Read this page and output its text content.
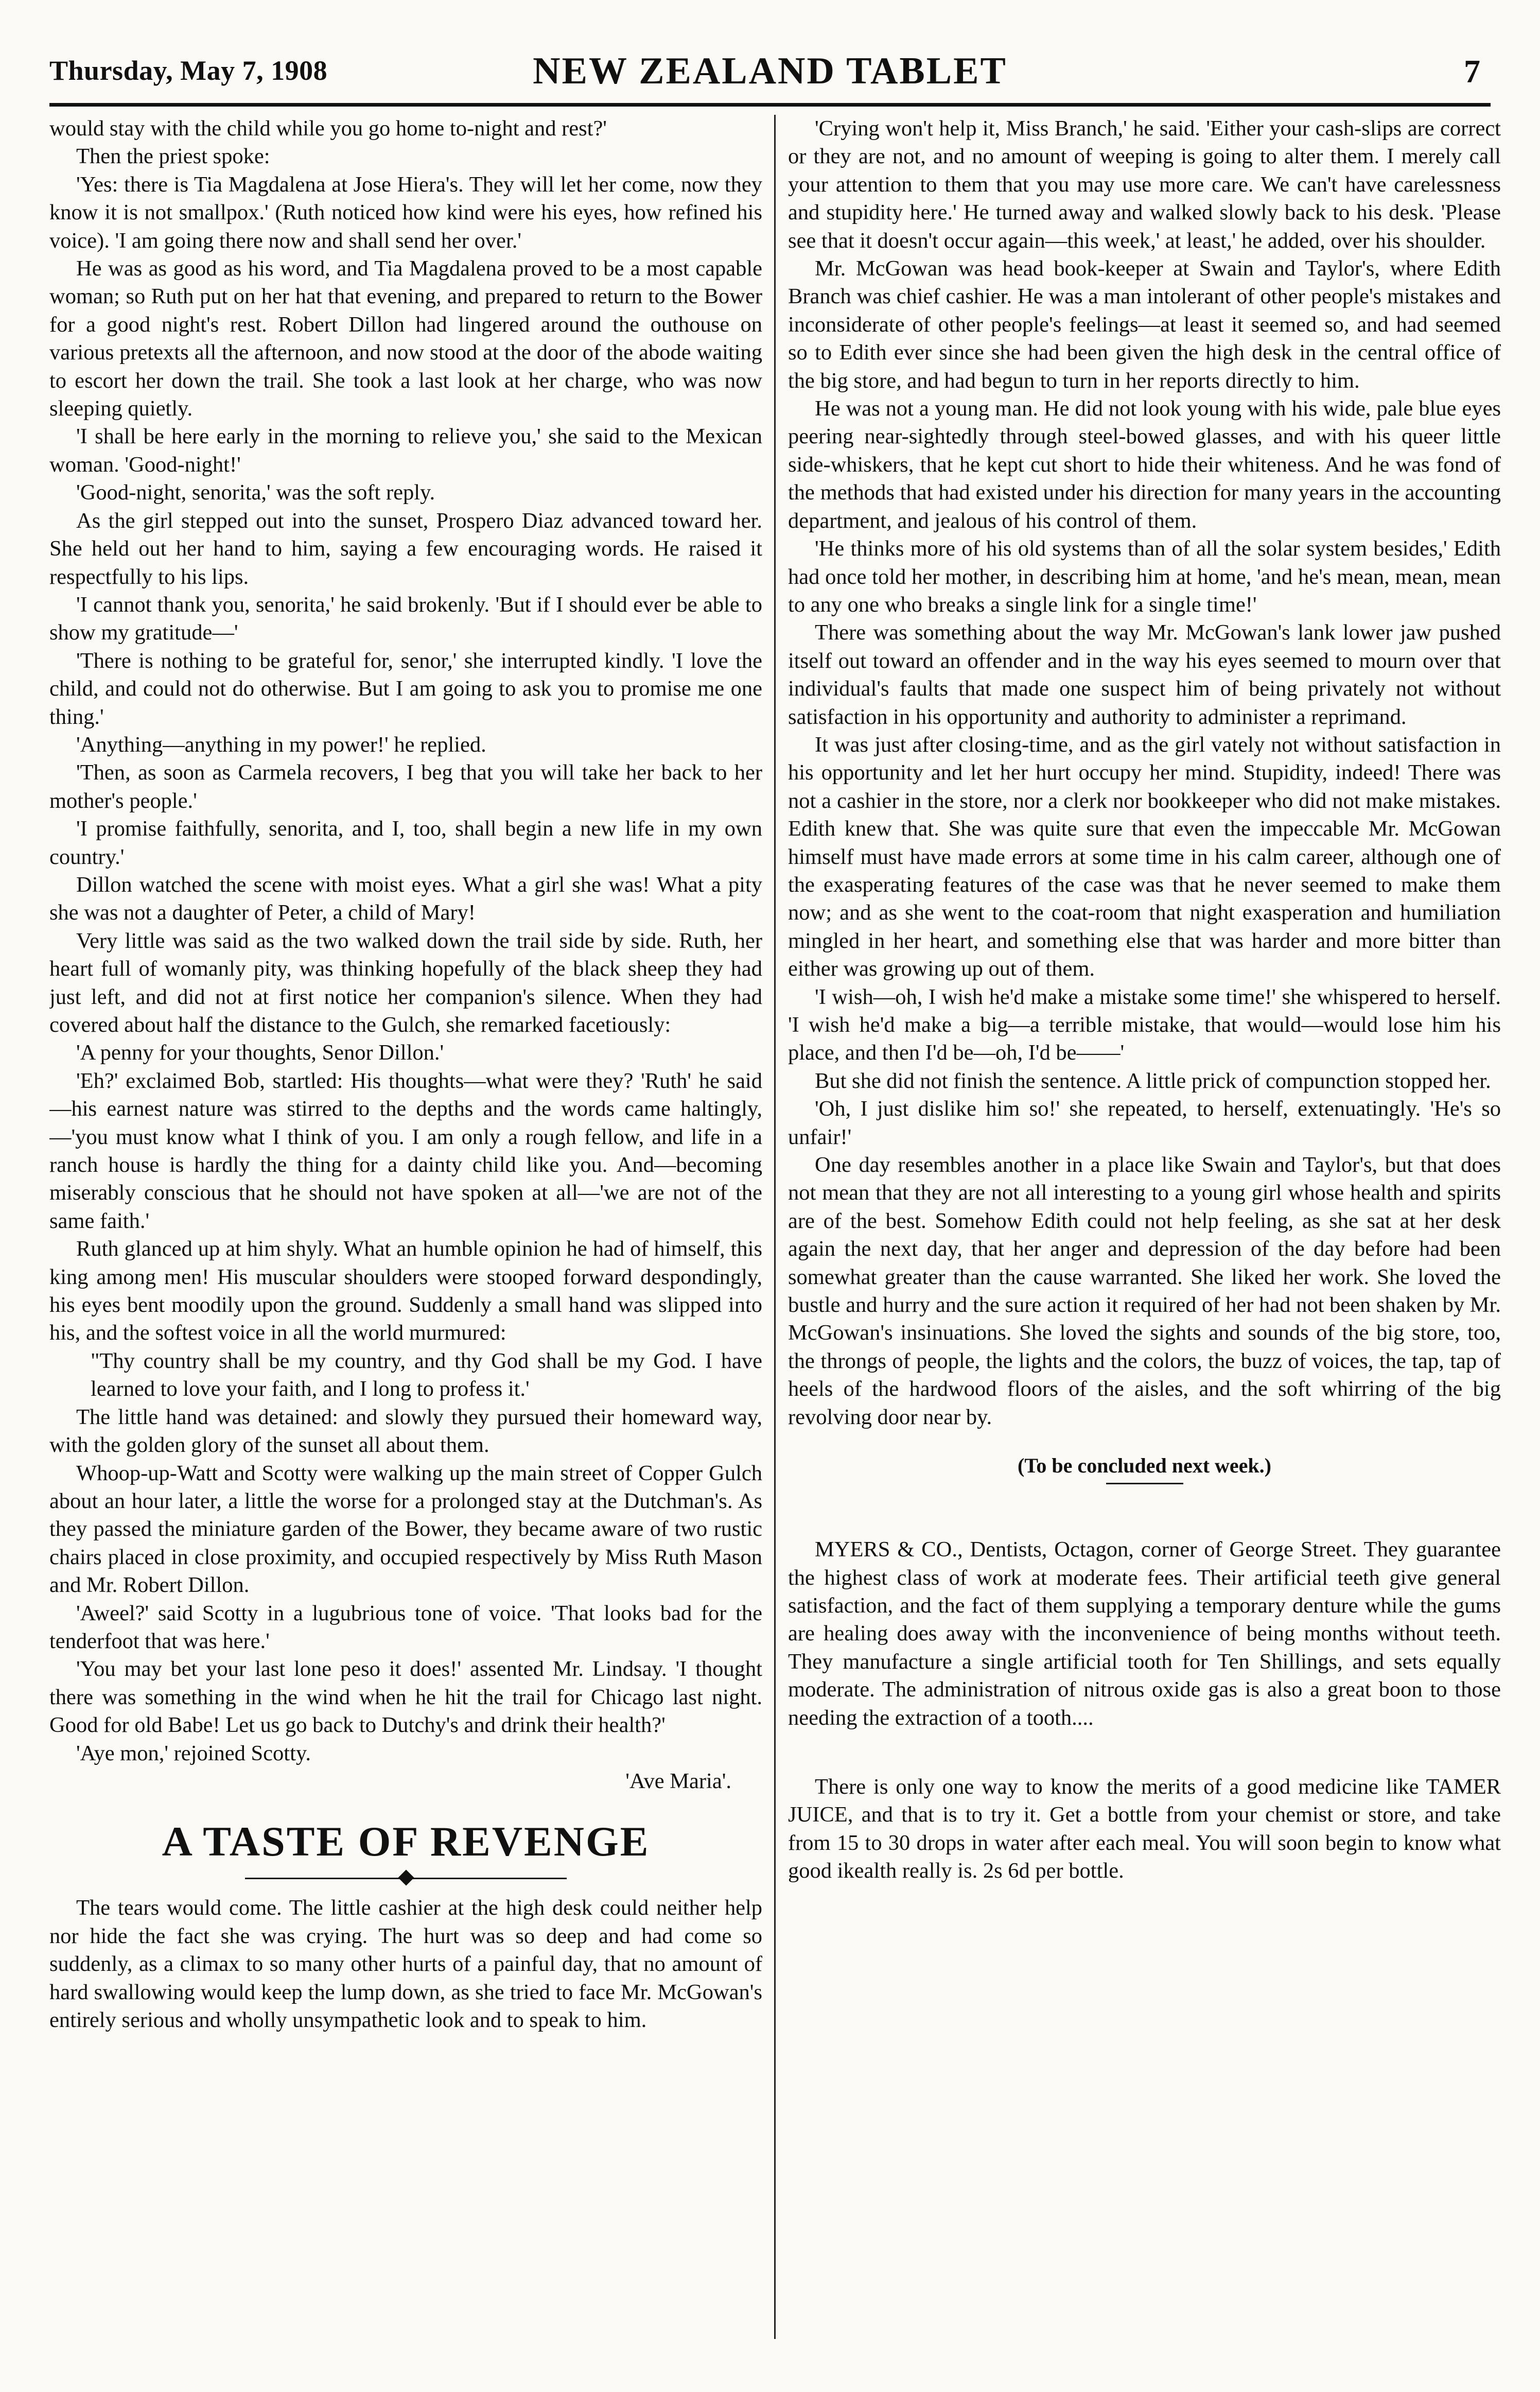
Thursday, May 7, 1908	NEW ZEALAND TABLET	7

would stay with the child while you go home to-night and rest?'

Then the priest spoke:

'Yes: there is Tia Magdalena at Jose Hiera's. They will let her come, now they know it is not smallpox.' (Ruth noticed how kind were his eyes, how refined his voice). 'I am going there now and shall send her over.'

He was as good as his word, and Tia Magdalena proved to be a most capable woman; so Ruth put on her hat that evening, and prepared to return to the Bower for a good night's rest. Robert Dillon had lingered around the outhouse on various pretexts all the afternoon, and now stood at the door of the abode waiting to escort her down the trail. She took a last look at her charge, who was now sleeping quietly.

'I shall be here early in the morning to relieve you,' she said to the Mexican woman. 'Good-night!'

'Good-night, senorita,' was the soft reply.

As the girl stepped out into the sunset, Prospero Diaz advanced toward her. She held out her hand to him, saying a few encouraging words. He raised it respectfully to his lips.

'I cannot thank you, senorita,' he said brokenly. 'But if I should ever be able to show my gratitude—'

'There is nothing to be grateful for, senor,' she interrupted kindly. 'I love the child, and could not do otherwise. But I am going to ask you to promise me one thing.'

'Anything—anything in my power!' he replied.

'Then, as soon as Carmela recovers, I beg that you will take her back to her mother's people.'

'I promise faithfully, senorita, and I, too, shall begin a new life in my own country.'

Dillon watched the scene with moist eyes. What a girl she was! What a pity she was not a daughter of Peter, a child of Mary!

Very little was said as the two walked down the trail side by side. Ruth, her heart full of womanly pity, was thinking hopefully of the black sheep they had just left, and did not at first notice her companion's silence. When they had covered about half the distance to the Gulch, she remarked facetiously:

'A penny for your thoughts, Senor Dillon.'

'Eh?' exclaimed Bob, startled: His thoughts—what were they? 'Ruth' he said—his earnest nature was stirred to the depths and the words came haltingly,—'you must know what I think of you. I am only a rough fellow, and life in a ranch house is hardly the thing for a dainty child like you. And—becoming miserably conscious that he should not have spoken at all—'we are not of the same faith.'

Ruth glanced up at him shyly. What an humble opinion he had of himself, this king among men! His muscular shoulders were stooped forward despondingly, his eyes bent moodily upon the ground. Suddenly a small hand was slipped into his, and the softest voice in all the world murmured:

"Thy country shall be my country, and thy God shall be my God. I have learned to love your faith, and I long to profess it.'

The little hand was detained: and slowly they pursued their homeward way, with the golden glory of the sunset all about them.

Whoop-up-Watt and Scotty were walking up the main street of Copper Gulch about an hour later, a little the worse for a prolonged stay at the Dutchman's. As they passed the miniature garden of the Bower, they became aware of two rustic chairs placed in close proximity, and occupied respectively by Miss Ruth Mason and Mr. Robert Dillon.

'Aweel?' said Scotty in a lugubrious tone of voice. 'That looks bad for the tenderfoot that was here.'

'You may bet your last lone peso it does!' assented Mr. Lindsay. 'I thought there was something in the wind when he hit the trail for Chicago last night. Good for old Babe! Let us go back to Dutchy's and drink their health?'

'Aye mon,' rejoined Scotty.

'Ave Maria'.

A TASTE OF REVENGE

The tears would come. The little cashier at the high desk could neither help nor hide the fact she was crying. The hurt was so deep and had come so suddenly, as a climax to so many other hurts of a painful day, that no amount of hard swallowing would keep the lump down, as she tried to face Mr. McGowan's entirely serious and wholly unsympathetic look and to speak to him.

'Crying won't help it, Miss Branch,' he said. 'Either your cash-slips are correct or they are not, and no amount of weeping is going to alter them. I merely call your attention to them that you may use more care. We can't have carelessness and stupidity here.' He turned away and walked slowly back to his desk. 'Please see that it doesn't occur again—this week,' at least,' he added, over his shoulder.

Mr. McGowan was head book-keeper at Swain and Taylor's, where Edith Branch was chief cashier. He was a man intolerant of other people's mistakes and inconsiderate of other people's feelings—at least it seemed so, and had seemed so to Edith ever since she had been given the high desk in the central office of the big store, and had begun to turn in her reports directly to him.

He was not a young man. He did not look young with his wide, pale blue eyes peering near-sightedly through steel-bowed glasses, and with his queer little side-whiskers, that he kept cut short to hide their whiteness. And he was fond of the methods that had existed under his direction for many years in the accounting department, and jealous of his control of them.

'He thinks more of his old systems than of all the solar system besides,' Edith had once told her mother, in describing him at home, 'and he's mean, mean, mean to any one who breaks a single link for a single time!'

There was something about the way Mr. McGowan's lank lower jaw pushed itself out toward an offender and in the way his eyes seemed to mourn over that individual's faults that made one suspect him of being privately not without satisfaction in his opportunity and authority to administer a reprimand.

It was just after closing-time, and as the girl vately not without satisfaction in his opportunity and let her hurt occupy her mind. Stupidity, indeed! There was not a cashier in the store, nor a clerk nor bookkeeper who did not make mistakes. Edith knew that. She was quite sure that even the impeccable Mr. McGowan himself must have made errors at some time in his calm career, although one of the exasperating features of the case was that he never seemed to make them now; and as she went to the coat-room that night exasperation and humiliation mingled in her heart, and something else that was harder and more bitter than either was growing up out of them.

'I wish—oh, I wish he'd make a mistake some time!' she whispered to herself. 'I wish he'd make a big—a terrible mistake, that would—would lose him his place, and then I'd be—oh, I'd be——'

But she did not finish the sentence. A little prick of compunction stopped her.

'Oh, I just dislike him so!' she repeated, to herself, extenuatingly. 'He's so unfair!'

One day resembles another in a place like Swain and Taylor's, but that does not mean that they are not all interesting to a young girl whose health and spirits are of the best. Somehow Edith could not help feeling, as she sat at her desk again the next day, that her anger and depression of the day before had been somewhat greater than the cause warranted. She liked her work. She loved the bustle and hurry and the sure action it required of her had not been shaken by Mr. McGowan's insinuations. She loved the sights and sounds of the big store, too, the throngs of people, the lights and the colors, the buzz of voices, the tap, tap of heels of the hardwood floors of the aisles, and the soft whirring of the big revolving door near by.

(To be concluded next week.)

MYERS & CO., Dentists, Octagon, corner of George Street. They guarantee the highest class of work at moderate fees. Their artificial teeth give general satisfaction, and the fact of them supplying a temporary denture while the gums are healing does away with the inconvenience of being months without teeth. They manufacture a single artificial tooth for Ten Shillings, and sets equally moderate. The administration of nitrous oxide gas is also a great boon to those needing the extraction of a tooth....

There is only one way to know the merits of a good medicine like TAMER JUICE, and that is to try it. Get a bottle from your chemist or store, and take from 15 to 30 drops in water after each meal. You will soon begin to know what good ikealth really is. 2s 6d per bottle.
